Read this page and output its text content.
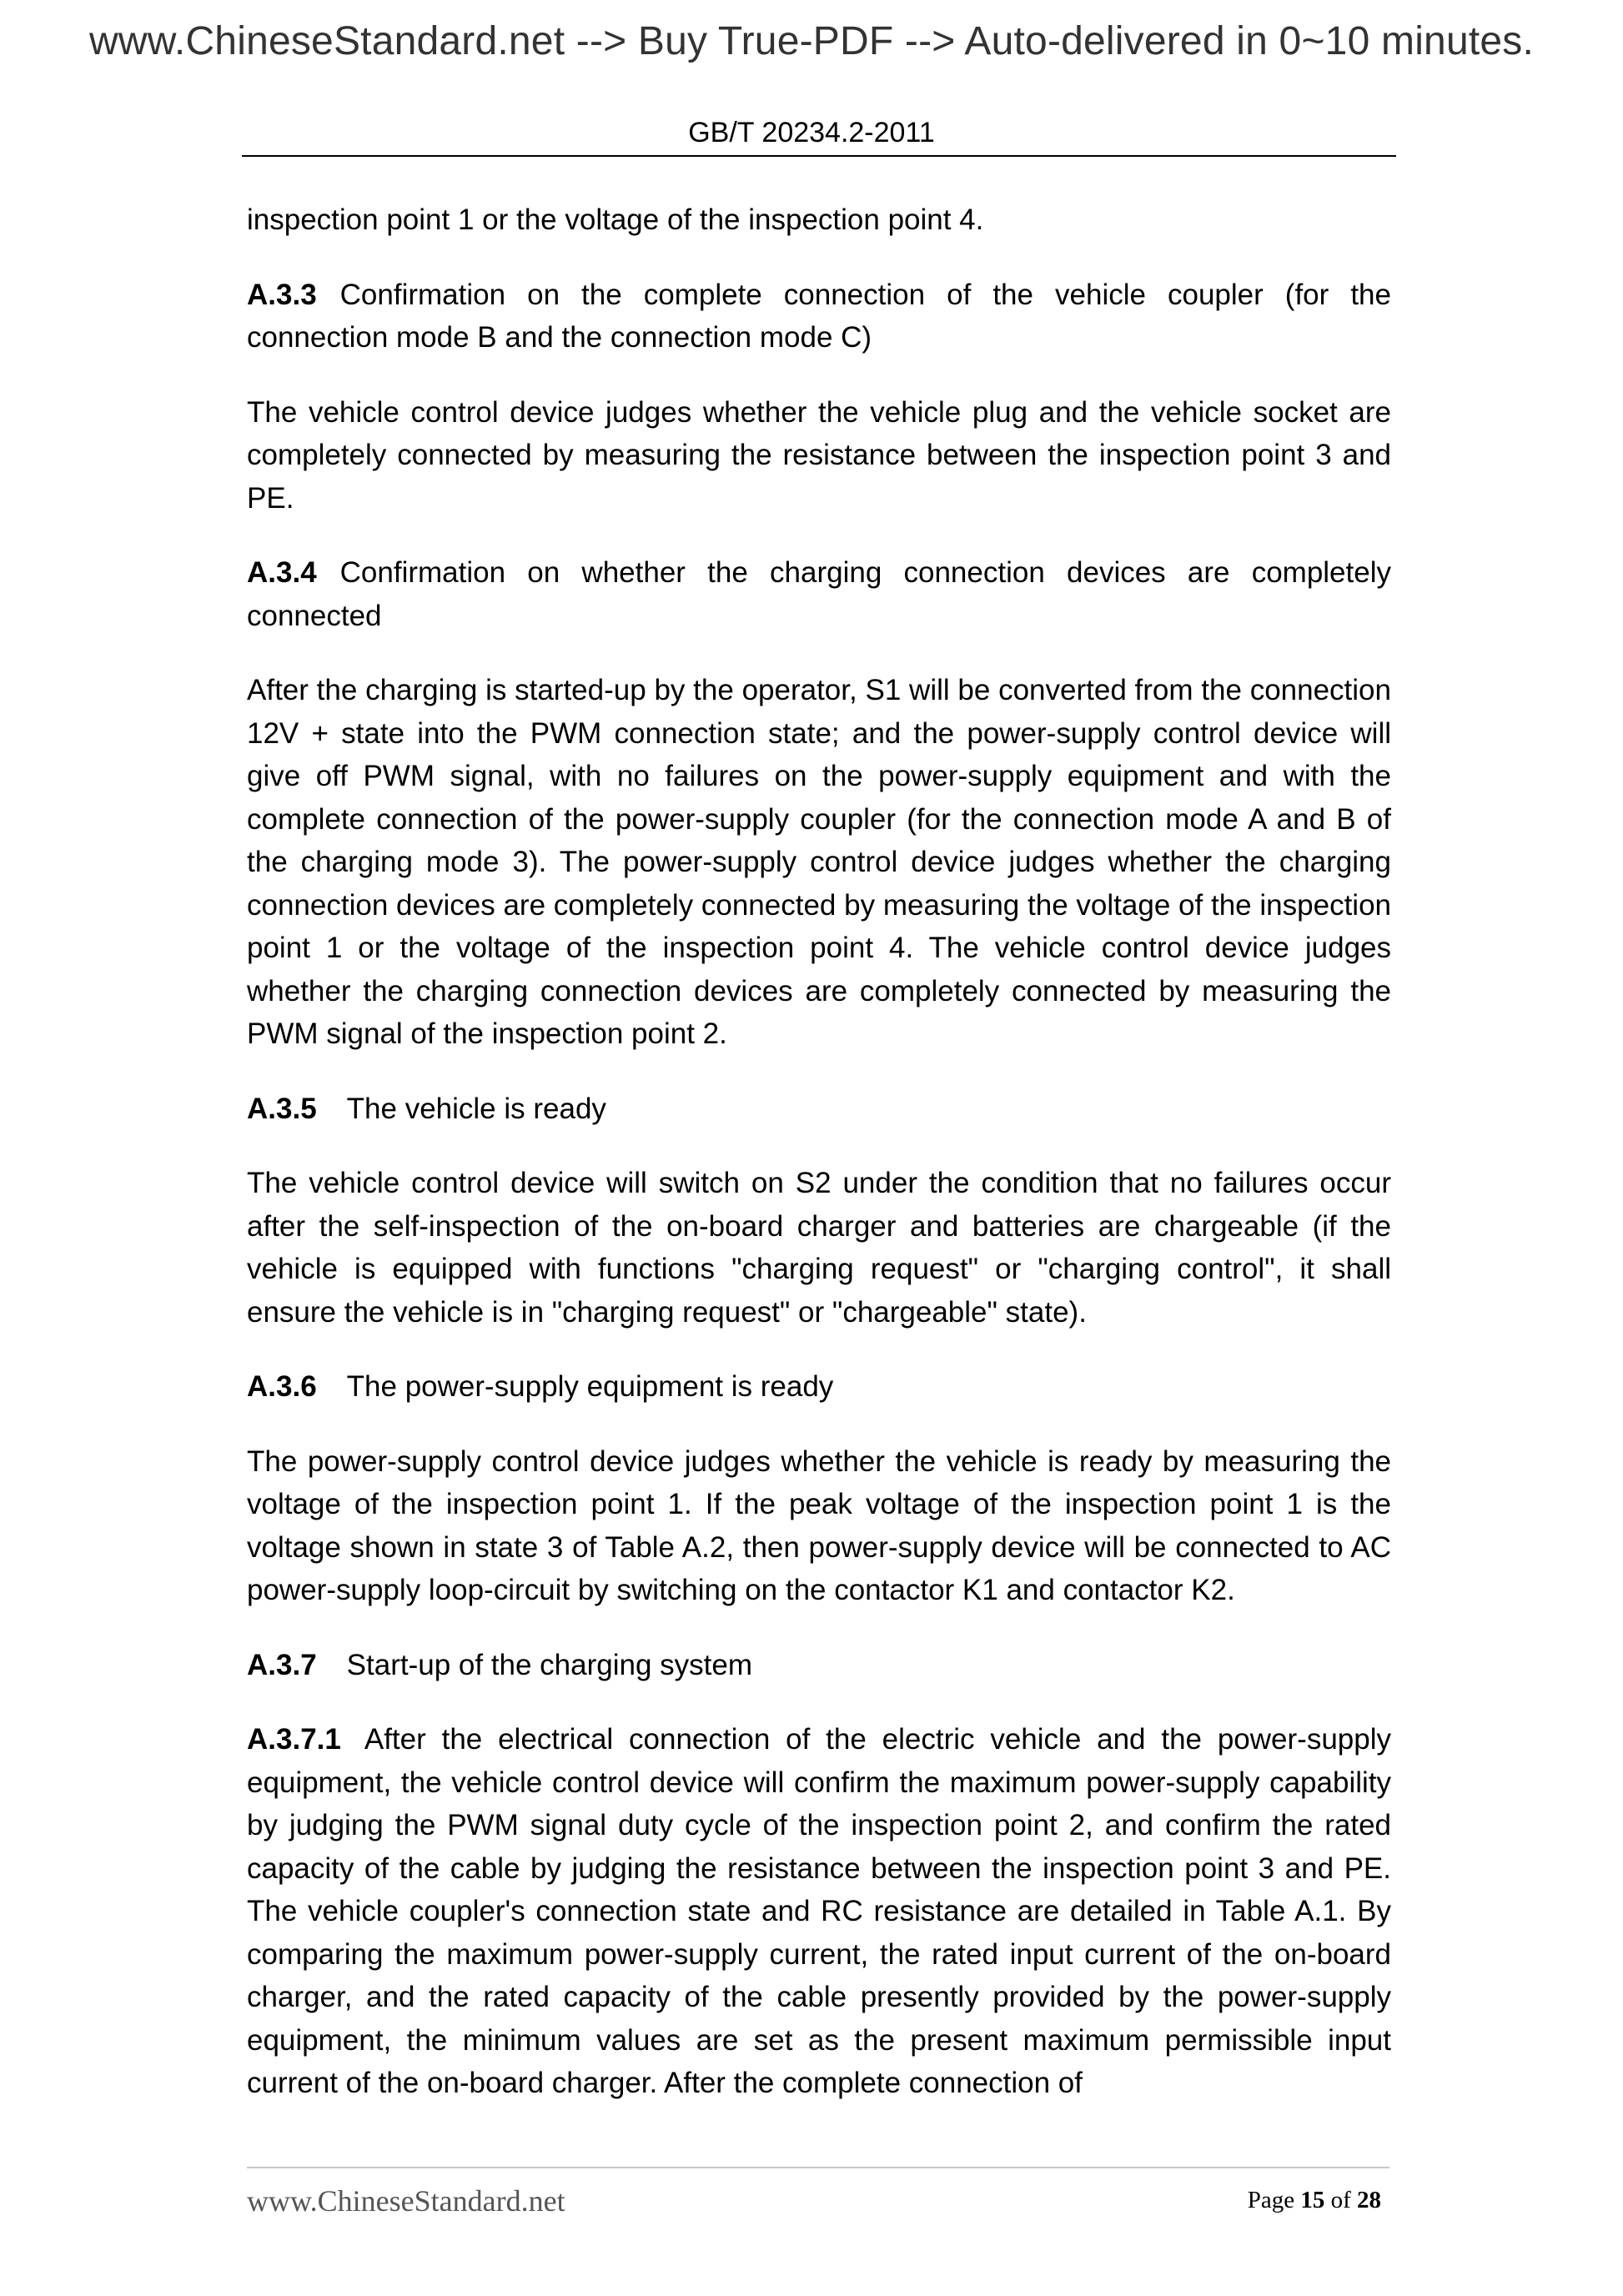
www.ChineseStandard.net --> Buy True-PDF --> Auto-delivered in 0~10 minutes.
GB/T 20234.2-2011

inspection point 1 or the voltage of the inspection point 4.

A.3.3 Confirmation on the complete connection of the vehicle coupler (for the connection mode B and the connection mode C)

The vehicle control device judges whether the vehicle plug and the vehicle socket are completely connected by measuring the resistance between the inspection point 3 and PE.

A.3.4 Confirmation on whether the charging connection devices are completely connected

After the charging is started-up by the operator, S1 will be converted from the connection 12V + state into the PWM connection state; and the power-supply control device will give off PWM signal, with no failures on the power-supply equipment and with the complete connection of the power-supply coupler (for the connection mode A and B of the charging mode 3). The power-supply control device judges whether the charging connection devices are completely connected by measuring the voltage of the inspection point 1 or the voltage of the inspection point 4. The vehicle control device judges whether the charging connection devices are completely connected by measuring the PWM signal of the inspection point 2.

A.3.5 The vehicle is ready

The vehicle control device will switch on S2 under the condition that no failures occur after the self-inspection of the on-board charger and batteries are chargeable (if the vehicle is equipped with functions "charging request" or "charging control", it shall ensure the vehicle is in "charging request" or "chargeable" state).

A.3.6 The power-supply equipment is ready

The power-supply control device judges whether the vehicle is ready by measuring the voltage of the inspection point 1. If the peak voltage of the inspection point 1 is the voltage shown in state 3 of Table A.2, then power-supply device will be connected to AC power-supply loop-circuit by switching on the contactor K1 and contactor K2.

A.3.7 Start-up of the charging system

A.3.7.1 After the electrical connection of the electric vehicle and the power-supply equipment, the vehicle control device will confirm the maximum power-supply capability by judging the PWM signal duty cycle of the inspection point 2, and confirm the rated capacity of the cable by judging the resistance between the inspection point 3 and PE. The vehicle coupler's connection state and RC resistance are detailed in Table A.1. By comparing the maximum power-supply current, the rated input current of the on-board charger, and the rated capacity of the cable presently provided by the power-supply equipment, the minimum values are set as the present maximum permissible input current of the on-board charger. After the complete connection of

www.ChineseStandard.net	Page 15 of 28
